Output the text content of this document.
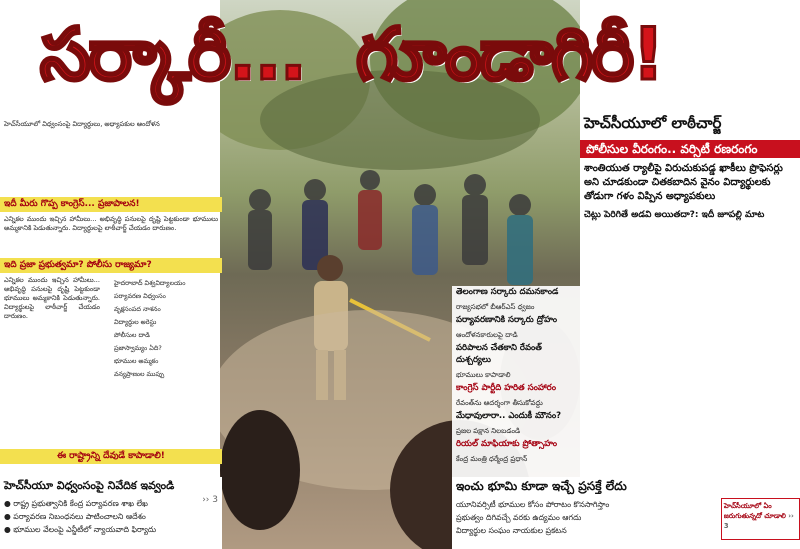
సర్కారీ... గూండాగిరీ!
హెచ్‌సీయూలో విధ్వంసంపై విద్యార్థులు, అధ్యాపకుల ఆందోళన
ఇదీ మీరు గొప్ప కాంగ్రెస్... ప్రజాపాలన!
ఎన్నికల ముందు ఇచ్చిన హామీలు... అభివృద్ధి పనులపై దృష్టి పెట్టకుండా భూములు అమ్మకానికి పెడుతున్నారు. విద్యార్థులపై లాఠీచార్జ్ చేయడం దారుణం.
ఇది ప్రజా ప్రభుత్వమా? పోలీసు రాజ్యమా?
ఎన్నికల ముందు ఇచ్చిన హామీలు... అభివృద్ధి పనులపై దృష్టి పెట్టకుండా భూములు అమ్మకానికి పెడుతున్నారు. విద్యార్థులపై లాఠీచార్జ్ చేయడం దారుణం.
హైదరాబాద్ విశ్వవిద్యాలయం
పర్యావరణ విధ్వంసం
వృక్షసంపద నాశనం
విద్యార్థుల అరెస్టు
పోలీసుల దాడి
ప్రజాస్వామ్యం ఏది?
భూముల అమ్మకం
వన్యప్రాణుల ముప్పు
ఈ రాష్ట్రాన్ని దేవుడే కాపాడాలి!
హెచ్‌సీయూలో లాఠీచార్జ్
పోలీసుల వీరంగం.. వర్సిటీ రణరంగం
శాంతియుత ర్యాలీపై విరుచుకుపడ్డ ఖాకీలు ప్రొఫెసర్లు అని చూడకుండా చితకబాదిన వైనం విద్యార్థులకు తోడుగా గళం విప్పిన అధ్యాపకులు
చెట్లు పెరిగితే అడవి అయితదా?: ఇదీ జూపల్లి మాట
తెలంగాణ సర్కారు దమనకాండ
రాజ్యసభలో బీఆర్‌ఎస్ ధ్వజం
పర్యావరణానికి సర్కారు ద్రోహం
ఆందోళనకారులపై దాడి
పరిపాలన చేతకాని రేవంత్ దుశ్చర్యలు
భూములు కాపాడాలి
కాంగ్రెస్ పార్టీది హరిత సంహారం
రేవంత్‌ను ఆదర్శంగా తీసుకోవద్దు
మేధావులారా.. ఎందుకీ మౌనం?
ప్రజల పక్షాన నిలబడండి
రియల్ మాఫియాకు ప్రోత్సాహం
కేంద్ర మంత్రి ధర్మేంద్ర ప్రధాన్
హెచ్‌సీయూ విధ్వంసంపై నివేదిక ఇవ్వండి
● రాష్ట్ర ప్రభుత్వానికి కేంద్ర పర్యావరణ శాఖ లేఖ
● పర్యావరణ నిబంధనలు పాటించాలని ఆదేశం
● భూముల వేలంపై ఎన్జీటీలో న్యాయవాది ఫిర్యాదు
›› 3
ఇంచు భూమి కూడా ఇచ్చే ప్రసక్తే లేదు
యూనివర్సిటీ భూముల కోసం పోరాటం కొనసాగిస్తాం
ప్రభుత్వం దిగివచ్చే వరకు ఉద్యమం ఆగదు
విద్యార్థుల సంఘం నాయకుల ప్రకటన
హెచ్‌సీయూలో ఏం జరుగుతున్నదో చూడాలి ›› 3
